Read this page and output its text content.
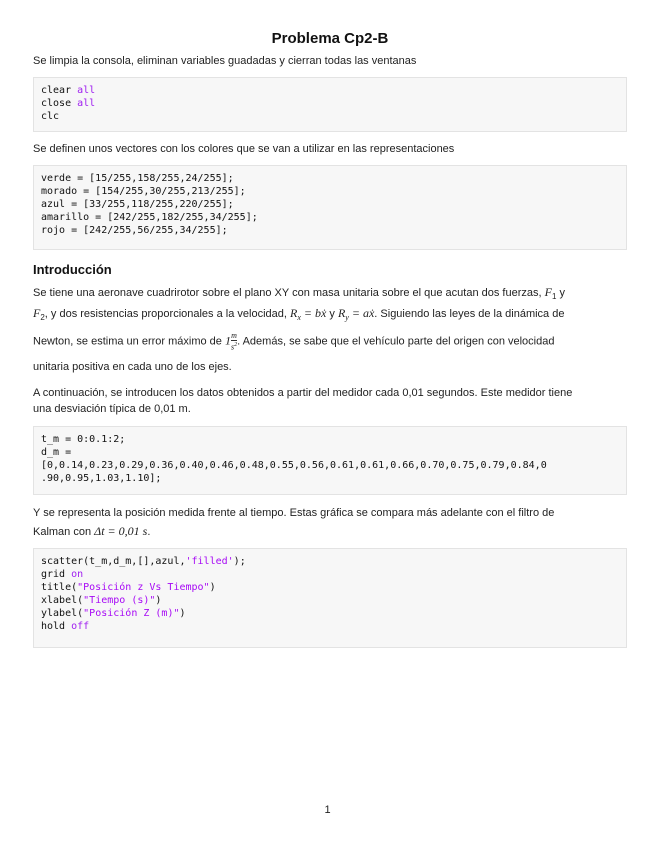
Problema Cp2-B

Se limpia la consola, eliminan variables guadadas y cierran todas las ventanas

clear all
close all
clc

Se definen unos vectores con los colores que se van a utilizar en las representaciones

verde = [15/255,158/255,24/255];
morado = [154/255,30/255,213/255];
azul = [33/255,118/255,220/255];
amarillo = [242/255,182/255,34/255];
rojo = [242/255,56/255,34/255];
Introducción

Se tiene una aeronave cuadrirotor sobre el plano XY con masa unitaria sobre el que acutan dos fuerzas, $F_1$ y

$F_2$, y dos resistencias proporcionales a la velocidad, $R_x$ = bẋ y $R_y$ = aẋ. Siguiendo las leyes de la dinámica de

Newton, se estima un error máximo de $1 \frac{m}{s^2}$ . Además, se sabe que el vehículo parte del origen con velocidad

unitaria positiva en cada uno de los ejes.

A continuación, se introducen los datos obtenidos a partir del medidor cada 0,01 segundos. Este medidor tiene

una desviación típica de 0,01 m.

t_m = 0:0.1:2;
d_m =
[0,0.14,0.23,0.29,0.36,0.40,0.46,0.48,0.55,0.56,0.61,0.61,0.66,0.70,0.75,0.79,0.84,0
.90,0.95,1.03,1.10];

Y se representa la posición medida frente al tiempo. Estas gráfica se compara más adelante con el filtro de

Kalman con Δt = 0,01 s.

scatter(t_m,d_m,[],azul,'filled');
grid on
title("Posición z Vs Tiempo")
xlabel("Tiempo (s)")
ylabel("Posición Z (m)")
hold off
1
